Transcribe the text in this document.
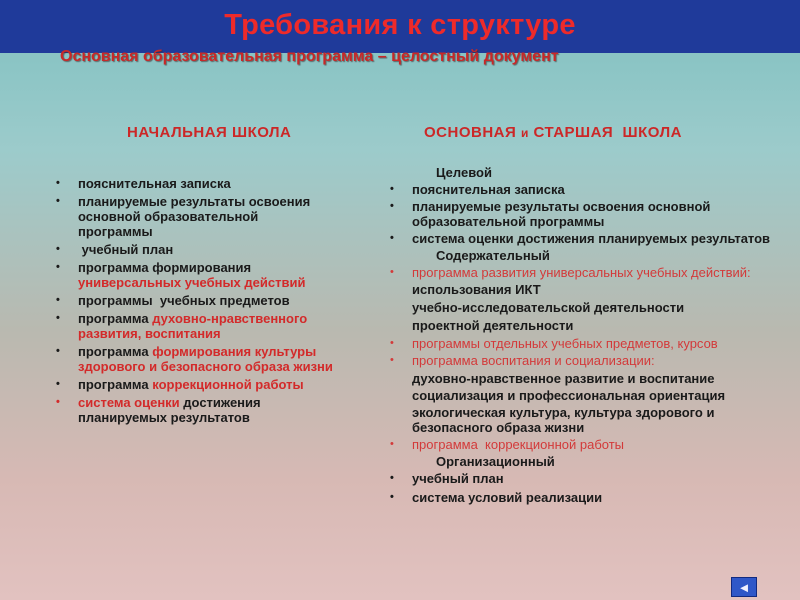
Требования к структуре
Основная образовательная программа – целостный документ
НАЧАЛЬНАЯ ШКОЛА
• пояснительная записка
• планируемые результаты освоения
основной образовательной
программы
• учебный план
• программа формирования
универсальных учебных действий
• программы  учебных предметов
• программа духовно-нравственного
развития, воспитания
• программа формирования культуры
здорового и безопасного образа жизни
• программа коррекционной работы
• система оценки достижения
планируемых результатов
ОСНОВНАЯ и СТАРШАЯ  ШКОЛА
Целевой
• пояснительная записка
• планируемые результаты освоения основной образовательной программы
• система оценки достижения планируемых результатов
Содержательный
• программа развития универсальных учебных действий:
использования ИКТ
учебно-исследовательской деятельности
проектной деятельности
• программы отдельных учебных предметов, курсов
• программа воспитания и социализации:
духовно-нравственное развитие и воспитание
социализация и профессиональная ориентация
экологическая культура, культура здорового и безопасного образа жизни
• программа  коррекционной работы
Организационный
• учебный план
• система условий реализации
◄
